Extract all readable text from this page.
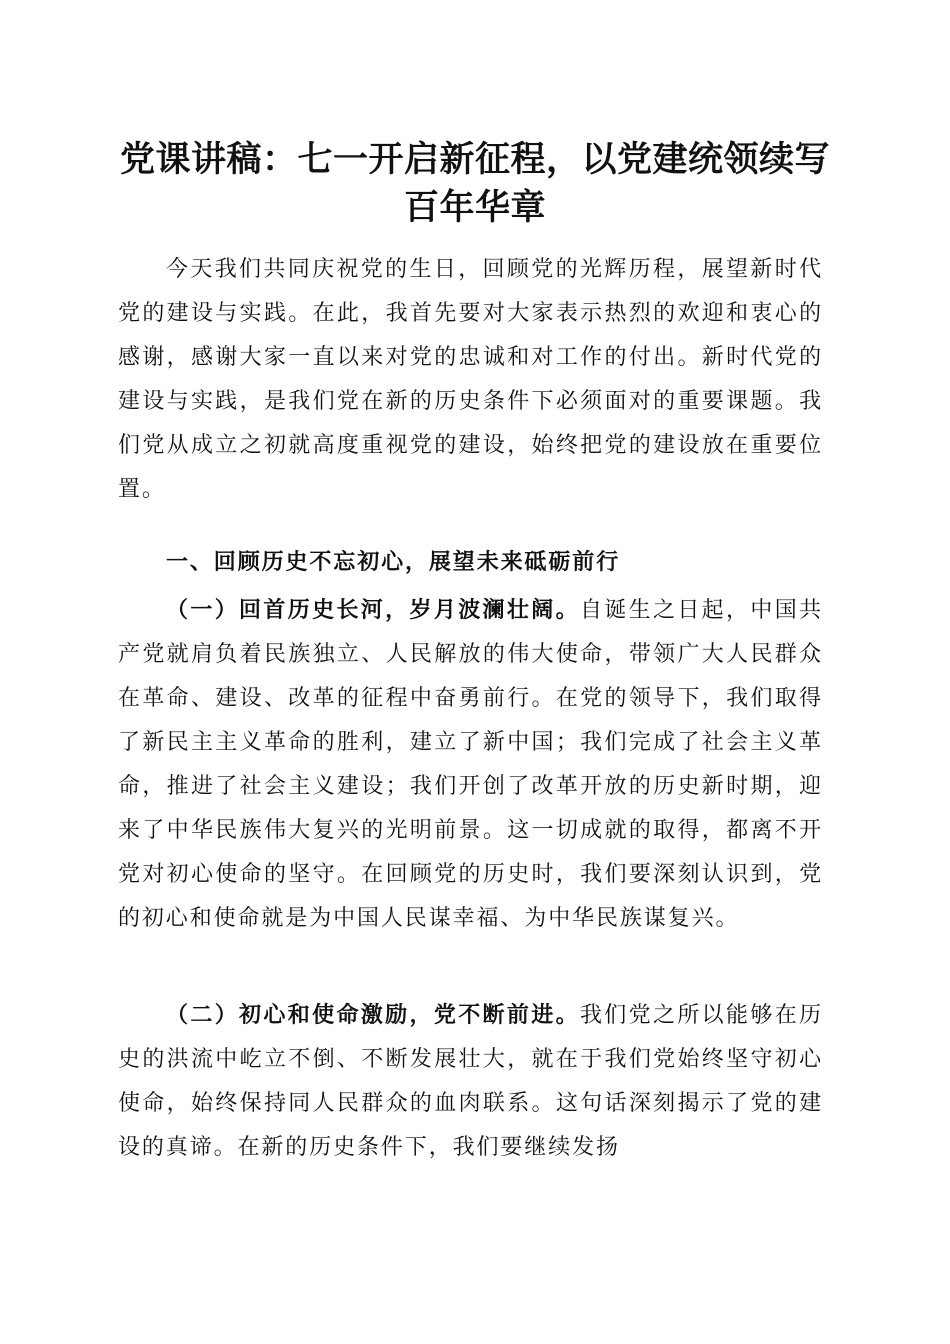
党课讲稿：七一开启新征程，以党建统领续写
百年华章

今天我们共同庆祝党的生日，回顾党的光辉历程，展望新时代党的建设与实践。在此，我首先要对大家表示热烈的欢迎和衷心的感谢，感谢大家一直以来对党的忠诚和对工作的付出。新时代党的建设与实践，是我们党在新的历史条件下必须面对的重要课题。我们党从成立之初就高度重视党的建设，始终把党的建设放在重要位置。

一、回顾历史不忘初心，展望未来砥砺前行

（一）回首历史长河，岁月波澜壮阔。自诞生之日起，中国共产党就肩负着民族独立、人民解放的伟大使命，带领广大人民群众在革命、建设、改革的征程中奋勇前行。在党的领导下，我们取得了新民主主义革命的胜利，建立了新中国；我们完成了社会主义革命，推进了社会主义建设；我们开创了改革开放的历史新时期，迎来了中华民族伟大复兴的光明前景。这一切成就的取得，都离不开党对初心使命的坚守。在回顾党的历史时，我们要深刻认识到，党的初心和使命就是为中国人民谋幸福、为中华民族谋复兴。

（二）初心和使命激励，党不断前进。我们党之所以能够在历史的洪流中屹立不倒、不断发展壮大，就在于我们党始终坚守初心使命，始终保持同人民群众的血肉联系。这句话深刻揭示了党的建设的真谛。在新的历史条件下，我们要继续发扬
